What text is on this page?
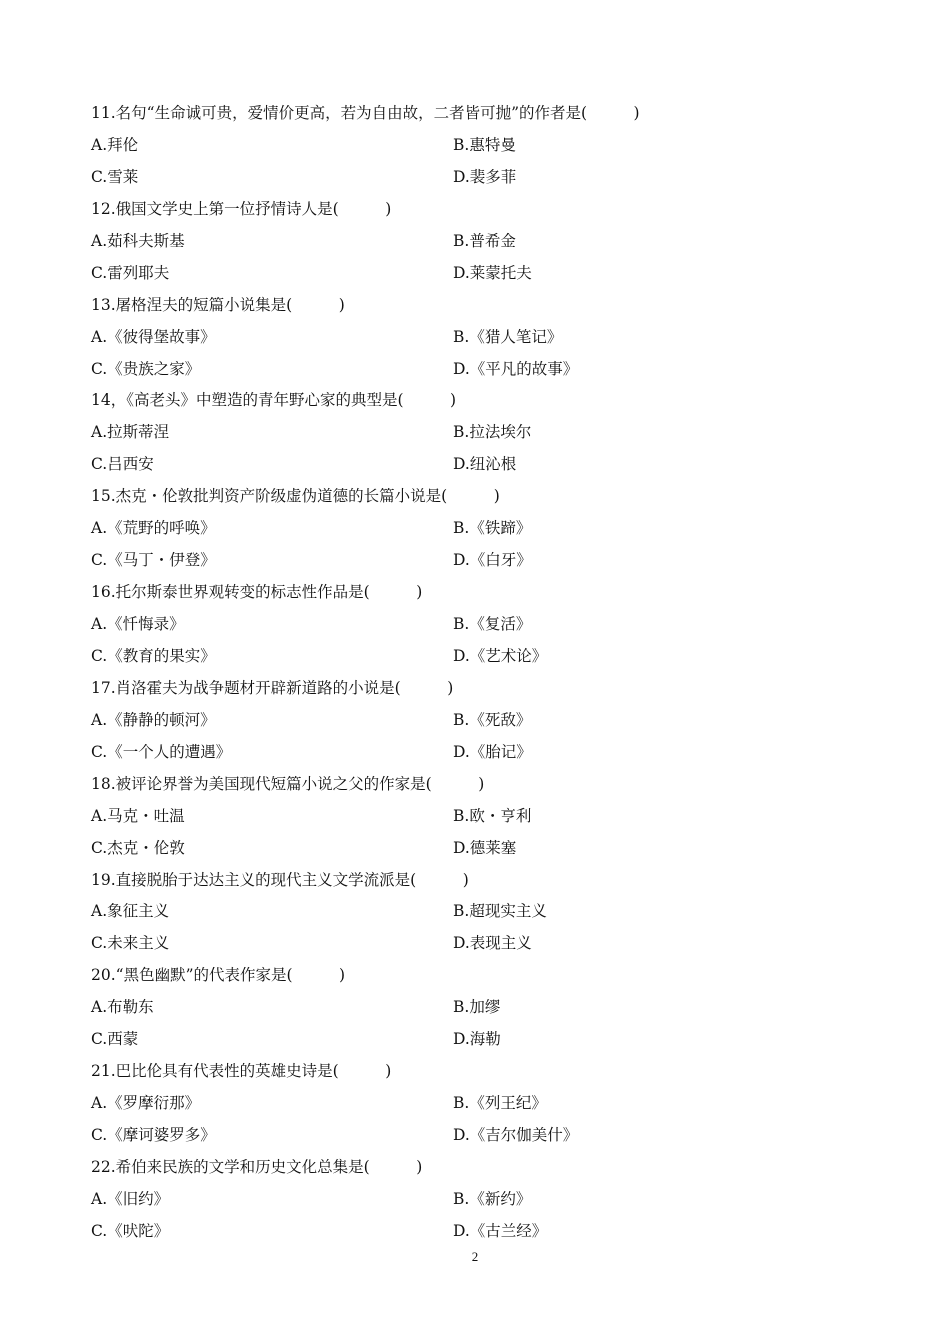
11.名句“生命诚可贵，爱情价更高，若为自由故，二者皆可抛”的作者是(　　　)
A.拜伦	B.惠特曼
C.雪莱	D.裴多菲
12.俄国文学史上第一位抒情诗人是(　　　)
A.茹科夫斯基	B.普希金
C.雷列耶夫	D.莱蒙托夫
13.屠格涅夫的短篇小说集是(　　　)
A.《彼得堡故事》	B.《猎人笔记》
C.《贵族之家》	D.《平凡的故事》
14，《高老头》中塑造的青年野心家的典型是(　　　)
A.拉斯蒂涅	B.拉法埃尔
C.吕西安	D.纽沁根
15.杰克・伦敦批判资产阶级虚伪道德的长篇小说是(　　　)
A.《荒野的呼唤》	B.《铁蹄》
C.《马丁・伊登》	D.《白牙》
16.托尔斯泰世界观转变的标志性作品是(　　　)
A.《忏悔录》	B.《复活》
C.《教育的果实》	D.《艺术论》
17.肖洛霍夫为战争题材开辟新道路的小说是(　　　)
A.《静静的顿河》	B.《死敌》
C.《一个人的遭遇》	D.《胎记》
18.被评论界誉为美国现代短篇小说之父的作家是(　　　)
A.马克・吐温	B.欧・亨利
C.杰克・伦敦	D.德莱塞
19.直接脱胎于达达主义的现代主义文学流派是(　　　)
A.象征主义	B.超现实主义
C.未来主义	D.表现主义
20.“黑色幽默”的代表作家是(　　　)
A.布勒东	B.加缪
C.西蒙	D.海勒
21.巴比伦具有代表性的英雄史诗是(　　　)
A.《罗摩衍那》	B.《列王纪》
C.《摩诃婆罗多》	D.《吉尔伽美什》
22.希伯来民族的文学和历史文化总集是(　　　)
A.《旧约》	B.《新约》
C.《吠陀》	D.《古兰经》
2
